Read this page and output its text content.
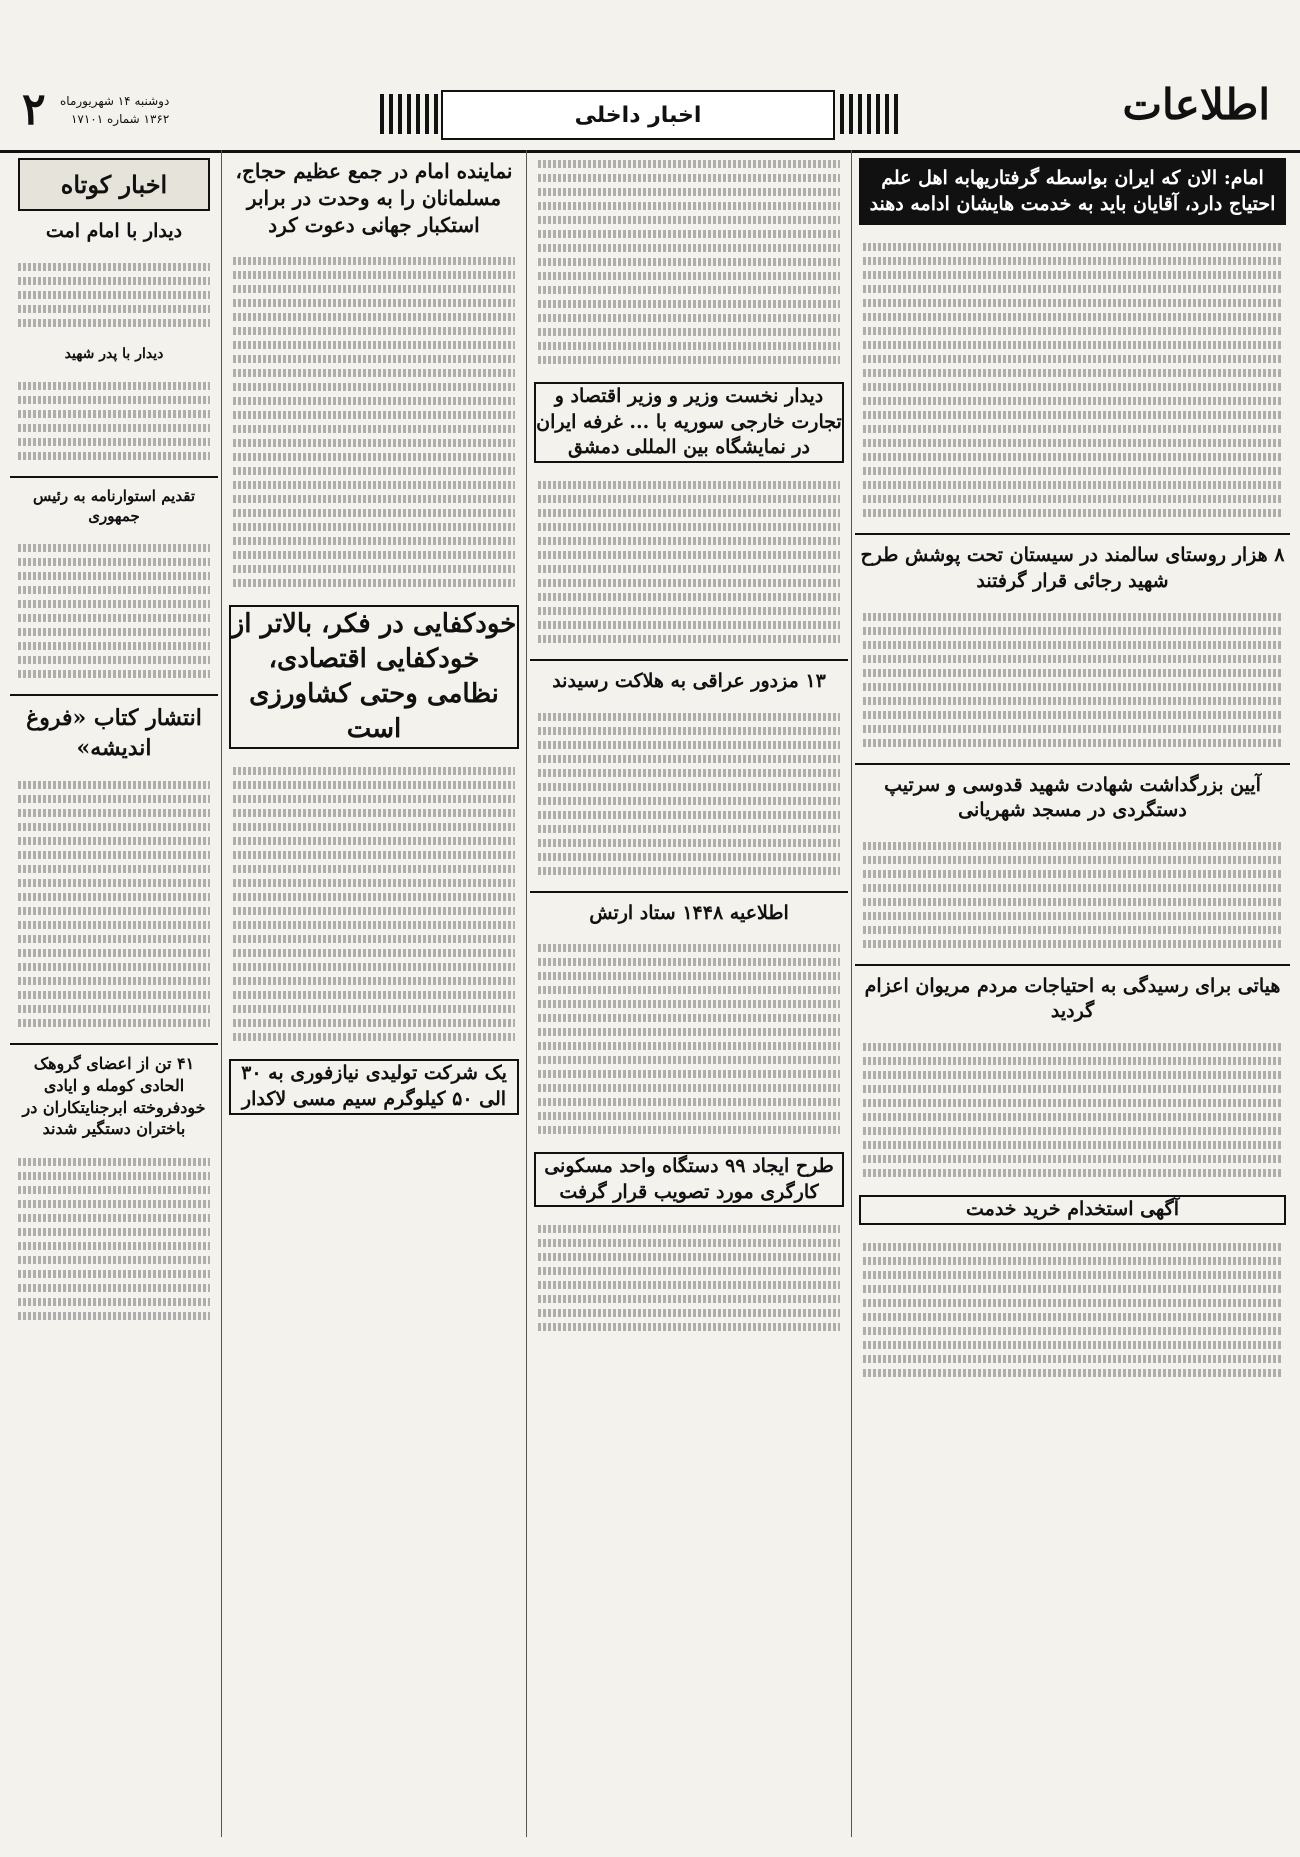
اطلاعات
اخبار داخلی
دوشنبه ۱۴ شهریورماه
۱۳۶۲ شماره ۱۷۱۰۱
۲
امام: الان که ایران بواسطه گرفتاریهابه اهل علم احتیاج دارد، آقایان باید به خدمت هایشان ادامه دهند
۸ هزار روستای سالمند در سیستان تحت پوشش طرح شهید رجائی قرار گرفتند
آیین بزرگداشت شهادت شهید قدوسی و سرتیپ دستگردی در مسجد شهریانی
هیاتی برای رسیدگی به احتیاجات مردم مریوان اعزام گردید
آگهی استخدام خرید خدمت
دیدار نخست وزیر و وزیر اقتصاد و تجارت خارجی سوریه با ... غرفه ایران در نمایشگاه بین المللی دمشق
۱۳ مزدور عراقی به هلاکت رسیدند
اطلاعیه ۱۴۴۸ ستاد ارتش
طرح ایجاد ۹۹ دستگاه واحد مسکونی کارگری مورد تصویب قرار گرفت
نماینده امام در جمع عظیم حجاج، مسلمانان را به وحدت در برابر استکبار جهانی دعوت کرد
خودکفایی در فکر، بالاتر از خودکفایی اقتصادی، نظامی وحتی کشاورزی است
یک شرکت تولیدی نیازفوری به ۳۰ الی ۵۰ کیلوگرم سیم مسی لاکدار
اخبار کوتاه
دیدار با امام امت
دیدار با پدر شهید
تقدیم استوارنامه به رئیس جمهوری
انتشار کتاب «فروغ اندیشه»
۴۱ تن از اعضای گروهک الحادی کومله و ایادی خودفروخته ابرجنایتکاران در باختران دستگیر شدند
